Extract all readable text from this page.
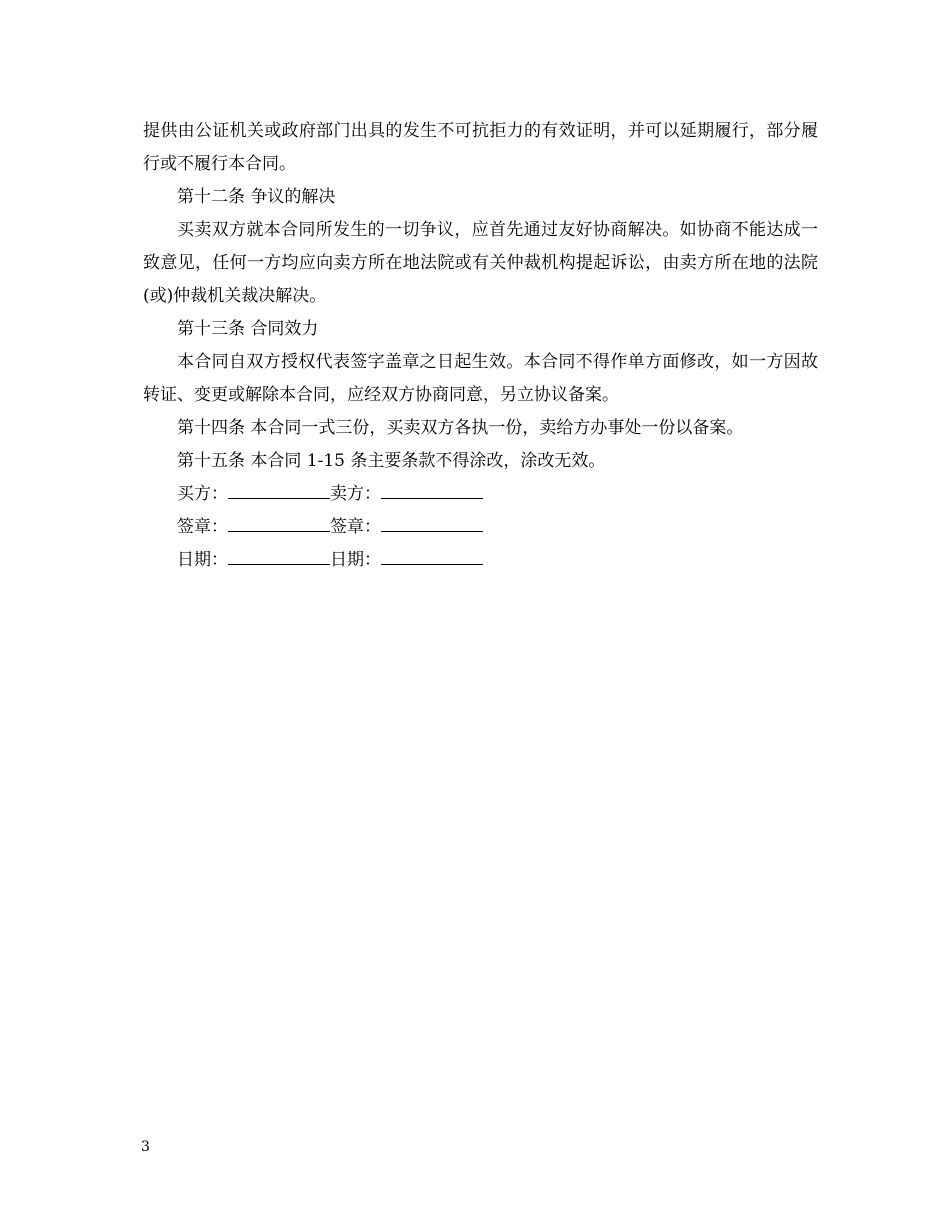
提供由公证机关或政府部门出具的发生不可抗拒力的有效证明，并可以延期履行，部分履行或不履行本合同。

第十二条 争议的解决

买卖双方就本合同所发生的一切争议，应首先通过友好协商解决。如协商不能达成一致意见，任何一方均应向卖方所在地法院或有关仲裁机构提起诉讼，由卖方所在地的法院(或)仲裁机关裁决解决。

第十三条 合同效力

本合同自双方授权代表签字盖章之日起生效。本合同不得作单方面修改，如一方因故转证、变更或解除本合同，应经双方协商同意，另立协议备案。

第十四条 本合同一式三份，买卖双方各执一份，卖给方办事处一份以备案。

第十五条 本合同 1-15 条主要条款不得涂改，涂改无效。

买方：	卖方：
签章：	签章：
日期：	日期：
3
